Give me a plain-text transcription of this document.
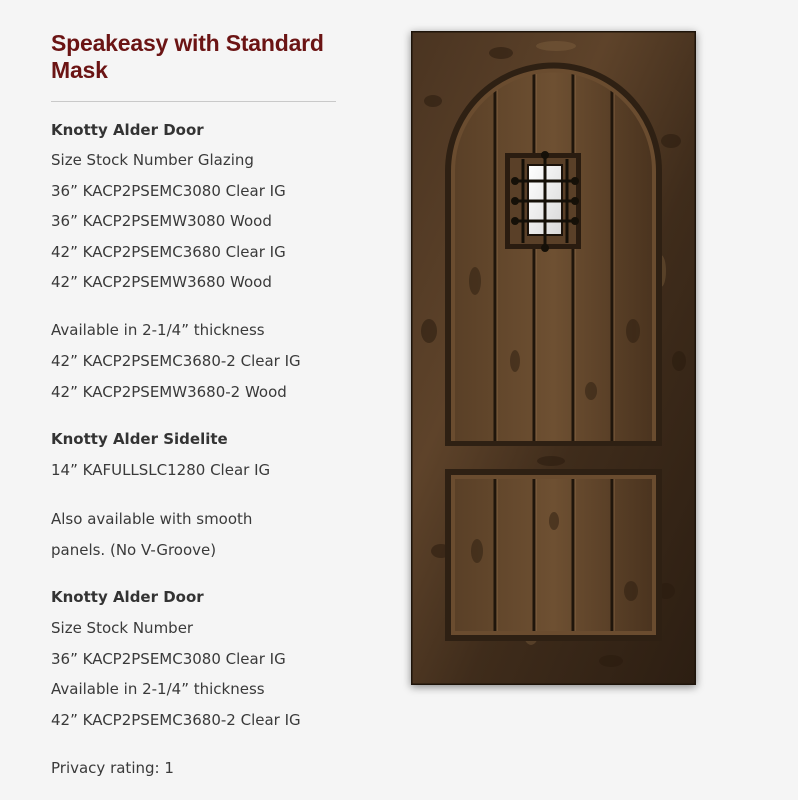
Speakeasy with Standard Mask
Knotty Alder Door
Size Stock Number Glazing
36” KACP2PSEMC3080 Clear IG
36” KACP2PSEMW3080 Wood
42” KACP2PSEMC3680 Clear IG
42” KACP2PSEMW3680 Wood
Available in 2-1/4” thickness
42” KACP2PSEMC3680-2 Clear IG
42” KACP2PSEMW3680-2 Wood
Knotty Alder Sidelite
14” KAFULLSLC1280 Clear IG
Also available with smooth
panels. (No V-Groove)
Knotty Alder Door
Size Stock Number
36” KACP2PSEMC3080 Clear IG
Available in 2-1/4” thickness
42” KACP2PSEMC3680-2 Clear IG
Privacy rating: 1
